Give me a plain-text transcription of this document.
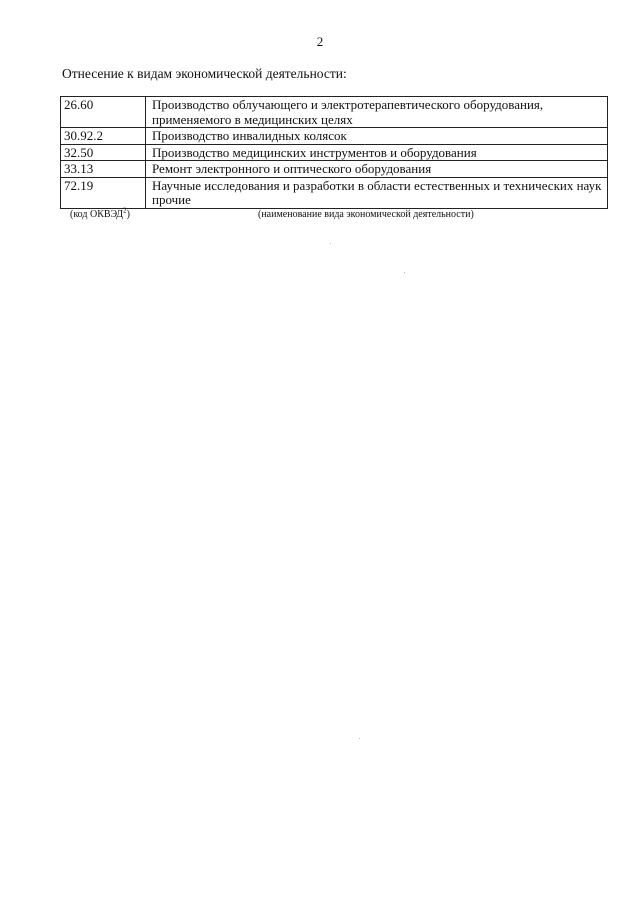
2
Отнесение к видам экономической деятельности:
26.60	Производство облучающего и электротерапевтического оборудования,
применяемого в медицинских целях

30.92.2	Производство инвалидных колясок

32.50	Производство медицинских инструментов и оборудования

33.13	Ремонт электронного и оптического оборудования

72.19	Научные исследования и разработки в области естественных и технических наук
прочие
(код ОКВЭД$^2$)	(наименование вида экономической деятельности)
